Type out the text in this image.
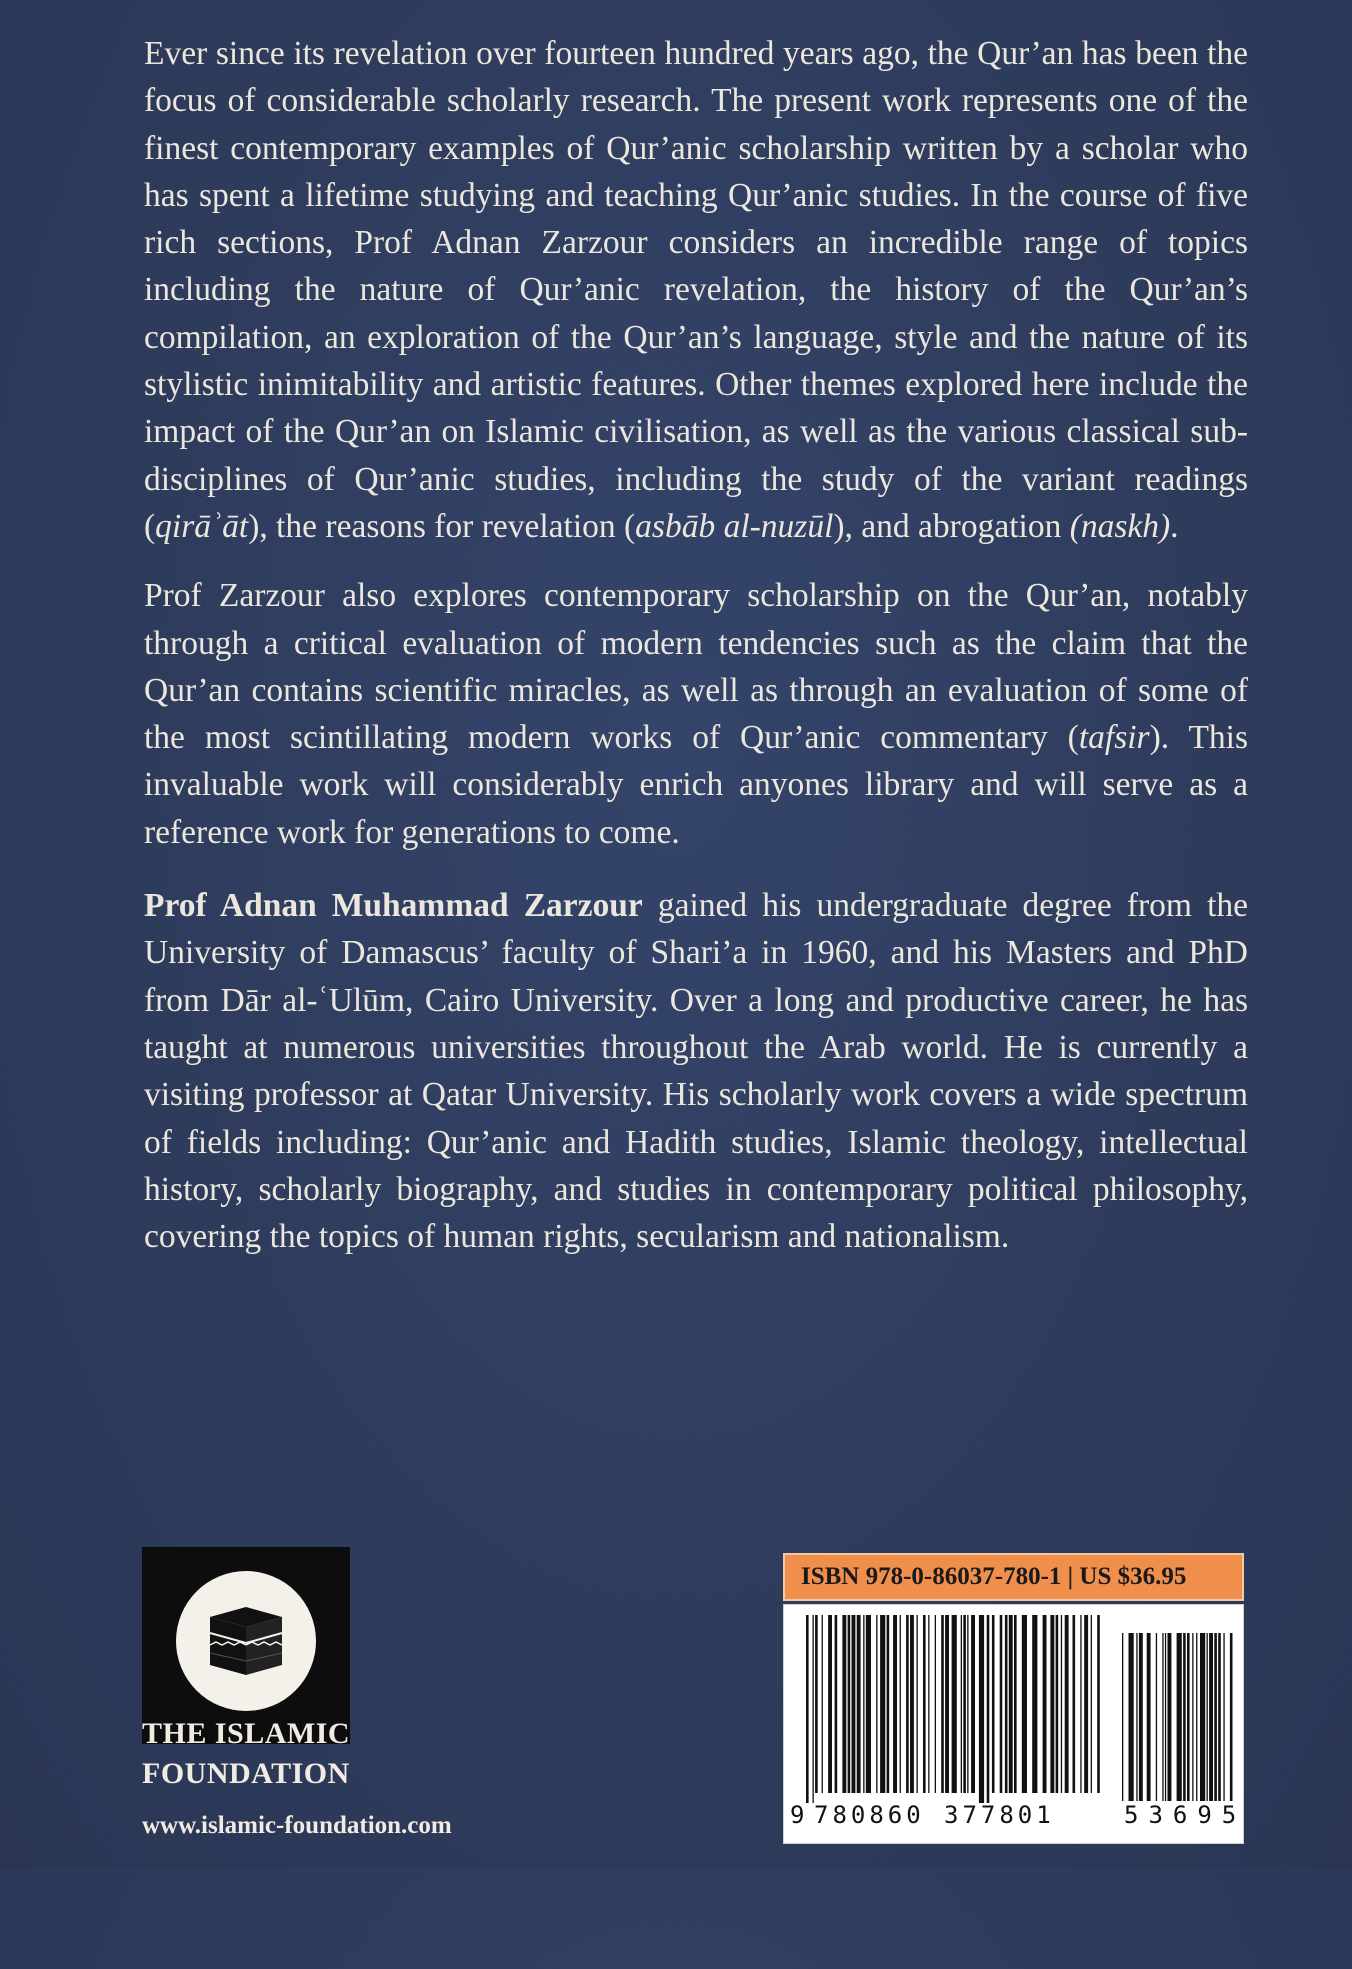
Ever since its revelation over fourteen hundred years ago, the Qur’an has been the focus of considerable scholarly research. The present work represents one of the finest contemporary examples of Qur’anic scholarship written by a scholar who has spent a lifetime studying and teaching Qur’anic studies. In the course of five rich sections, Prof Adnan Zarzour considers an incredible range of topics including the nature of Qur’anic revelation, the history of the Qur’an’s compilation, an exploration of the Qur’an’s language, style and the nature of its stylistic inimitability and artistic features. Other themes explored here include the impact of the Qur’an on Islamic civilisation, as well as the various classical sub-disciplines of Qur’anic studies, including the study of the variant readings (qirāʾāt), the reasons for revelation (asbāb al-nuzūl), and abrogation (naskh).

Prof Zarzour also explores contemporary scholarship on the Qur’an, notably through a critical evaluation of modern tendencies such as the claim that the Qur’an contains scientific miracles, as well as through an evaluation of some of the most scintillating modern works of Qur’anic commentary (tafsir). This invaluable work will considerably enrich anyones library and will serve as a reference work for generations to come.

Prof Adnan Muhammad Zarzour gained his undergraduate degree from the University of Damascus’ faculty of Shari’a in 1960, and his Masters and PhD from Dār al-ʿUlūm, Cairo University. Over a long and productive career, he has taught at numerous universities throughout the Arab world. He is currently a visiting professor at Qatar University. His scholarly work covers a wide spectrum of fields including: Qur’anic and Hadith studies, Islamic theology, intellectual history, scholarly biography, and studies in contemporary political philosophy, covering the topics of human rights, secularism and nationalism.

THE ISLAMIC
FOUNDATION
www.islamic-foundation.com
ISBN 978-0-86037-780-1 | US $36.95

9

780860

377801

	53695
